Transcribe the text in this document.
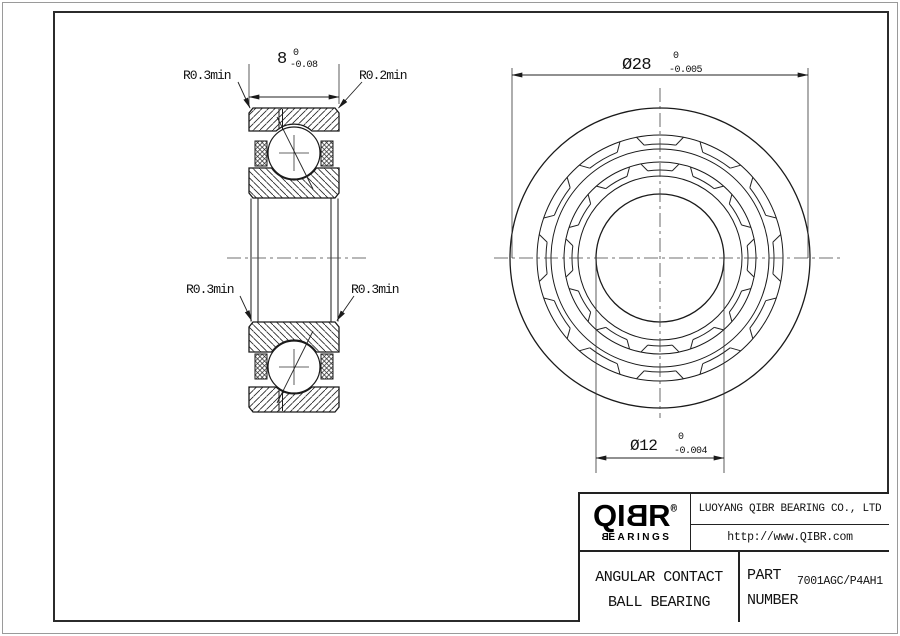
8 0
-0.08	Ø28 0
-0.005
Ø12 0
-0.004
R0.3min	R0.2min
R0.3min	R0.3min
QIBR®
BEARINGS
LUOYANG QIBR BEARING CO., LTD
http://www.QIBR.com
ANGULAR CONTACT
BALL BEARING
PART
NUMBER
7001AGC/P4AH1
